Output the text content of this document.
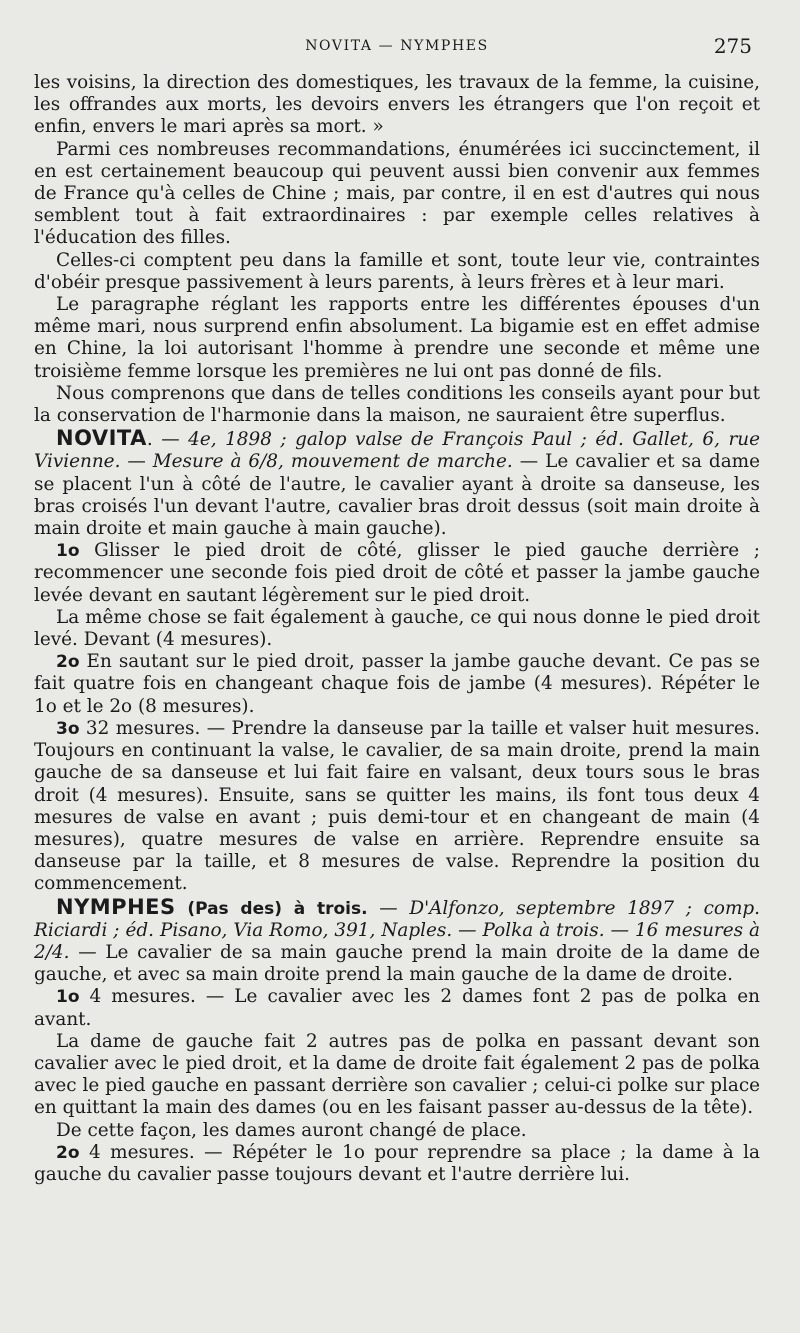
NOVITA — NYMPHES	275

les voisins, la direction des domestiques, les travaux de la femme, la cuisine, les offrandes aux morts, les devoirs envers les étrangers que l'on reçoit et enfin, envers le mari après sa mort. »

Parmi ces nombreuses recommandations, énumérées ici succinctement, il en est certainement beaucoup qui peuvent aussi bien convenir aux femmes de France qu'à celles de Chine ; mais, par contre, il en est d'autres qui nous semblent tout à fait extraordinaires : par exemple celles relatives à l'éducation des filles.

Celles-ci comptent peu dans la famille et sont, toute leur vie, contraintes d'obéir presque passivement à leurs parents, à leurs frères et à leur mari.

Le paragraphe réglant les rapports entre les différentes épouses d'un même mari, nous surprend enfin absolument. La bigamie est en effet admise en Chine, la loi autorisant l'homme à prendre une seconde et même une troisième femme lorsque les premières ne lui ont pas donné de fils.

Nous comprenons que dans de telles conditions les conseils ayant pour but la conservation de l'harmonie dans la maison, ne sauraient être superflus.

NOVITA. — 4e, 1898 ; galop valse de François Paul ; éd. Gallet, 6, rue Vivienne. — Mesure à 6/8, mouvement de marche. — Le cavalier et sa dame se placent l'un à côté de l'autre, le cavalier ayant à droite sa danseuse, les bras croisés l'un devant l'autre, cavalier bras droit dessus (soit main droite à main droite et main gauche à main gauche).

1o Glisser le pied droit de côté, glisser le pied gauche derrière ; recommencer une seconde fois pied droit de côté et passer la jambe gauche levée devant en sautant légèrement sur le pied droit.

La même chose se fait également à gauche, ce qui nous donne le pied droit levé. Devant (4 mesures).

2o En sautant sur le pied droit, passer la jambe gauche devant. Ce pas se fait quatre fois en changeant chaque fois de jambe (4 mesures). Répéter le 1o et le 2o (8 mesures).

3o 32 mesures. — Prendre la danseuse par la taille et valser huit mesures. Toujours en continuant la valse, le cavalier, de sa main droite, prend la main gauche de sa danseuse et lui fait faire en valsant, deux tours sous le bras droit (4 mesures). Ensuite, sans se quitter les mains, ils font tous deux 4 mesures de valse en avant ; puis demi-tour et en changeant de main (4 mesures), quatre mesures de valse en arrière. Reprendre ensuite sa danseuse par la taille, et 8 mesures de valse. Reprendre la position du commencement.

NYMPHES (Pas des) à trois. — D'Alfonzo, septembre 1897 ; comp. Riciardi ; éd. Pisano, Via Romo, 391, Naples. — Polka à trois. — 16 mesures à 2/4. — Le cavalier de sa main gauche prend la main droite de la dame de gauche, et avec sa main droite prend la main gauche de la dame de droite.

1o 4 mesures. — Le cavalier avec les 2 dames font 2 pas de polka en avant.

La dame de gauche fait 2 autres pas de polka en passant devant son cavalier avec le pied droit, et la dame de droite fait également 2 pas de polka avec le pied gauche en passant derrière son cavalier ; celui-ci polke sur place en quittant la main des dames (ou en les faisant passer au-dessus de la tête).

De cette façon, les dames auront changé de place.

2o 4 mesures. — Répéter le 1o pour reprendre sa place ; la dame à la gauche du cavalier passe toujours devant et l'autre derrière lui.
